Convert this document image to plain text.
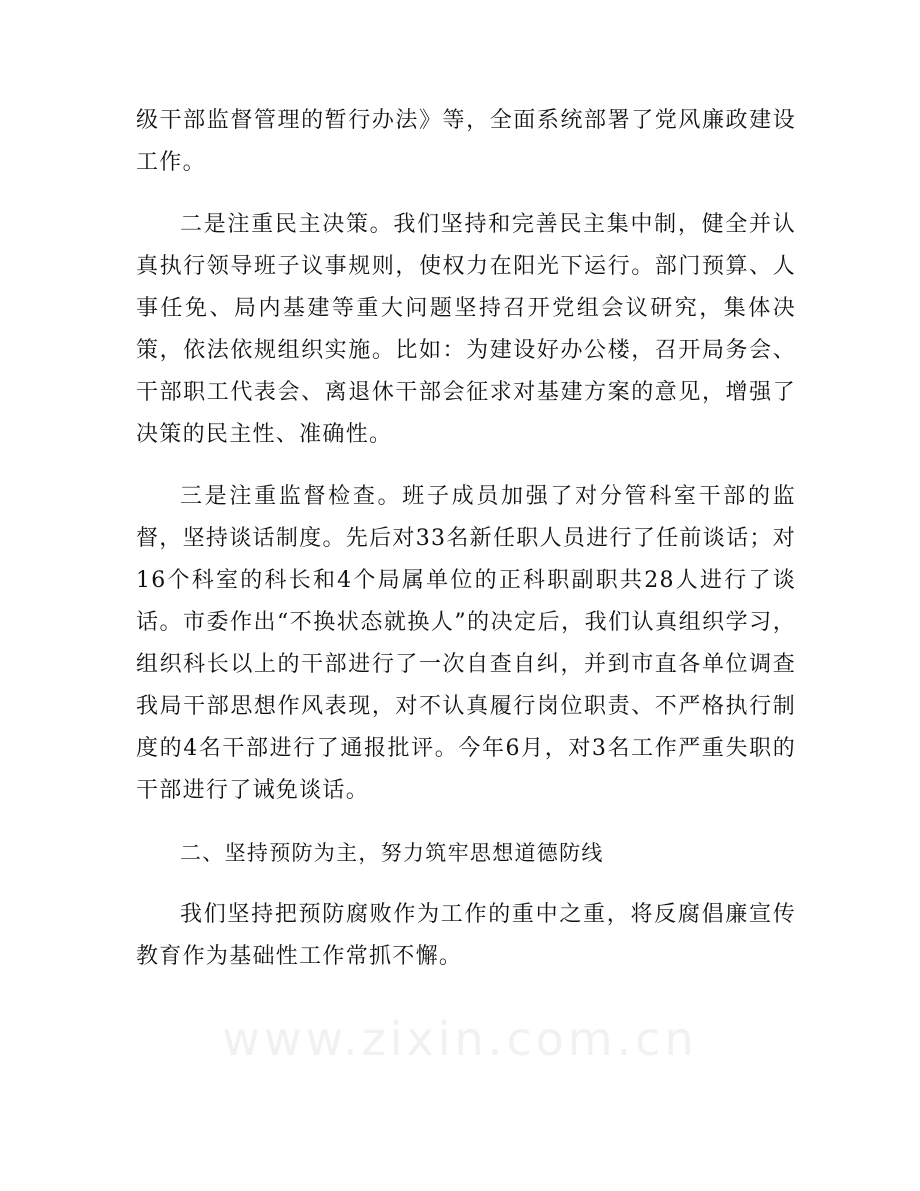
级干部监督管理的暂行办法》等，全面系统部署了党风廉政建设工作。

二是注重民主决策。我们坚持和完善民主集中制，健全并认真执行领导班子议事规则，使权力在阳光下运行。部门预算、人事任免、局内基建等重大问题坚持召开党组会议研究，集体决策，依法依规组织实施。比如：为建设好办公楼，召开局务会、干部职工代表会、离退休干部会征求对基建方案的意见，增强了决策的民主性、准确性。

三是注重监督检查。班子成员加强了对分管科室干部的监督，坚持谈话制度。先后对33名新任职人员进行了任前谈话；对16个科室的科长和4个局属单位的正科职副职共28人进行了谈话。市委作出“不换状态就换人”的决定后，我们认真组织学习，组织科长以上的干部进行了一次自查自纠，并到市直各单位调查我局干部思想作风表现，对不认真履行岗位职责、不严格执行制度的4名干部进行了通报批评。今年6月，对3名工作严重失职的干部进行了诫免谈话。

二、坚持预防为主，努力筑牢思想道德防线

我们坚持把预防腐败作为工作的重中之重，将反腐倡廉宣传教育作为基础性工作常抓不懈。

www.zixin.com.cn
